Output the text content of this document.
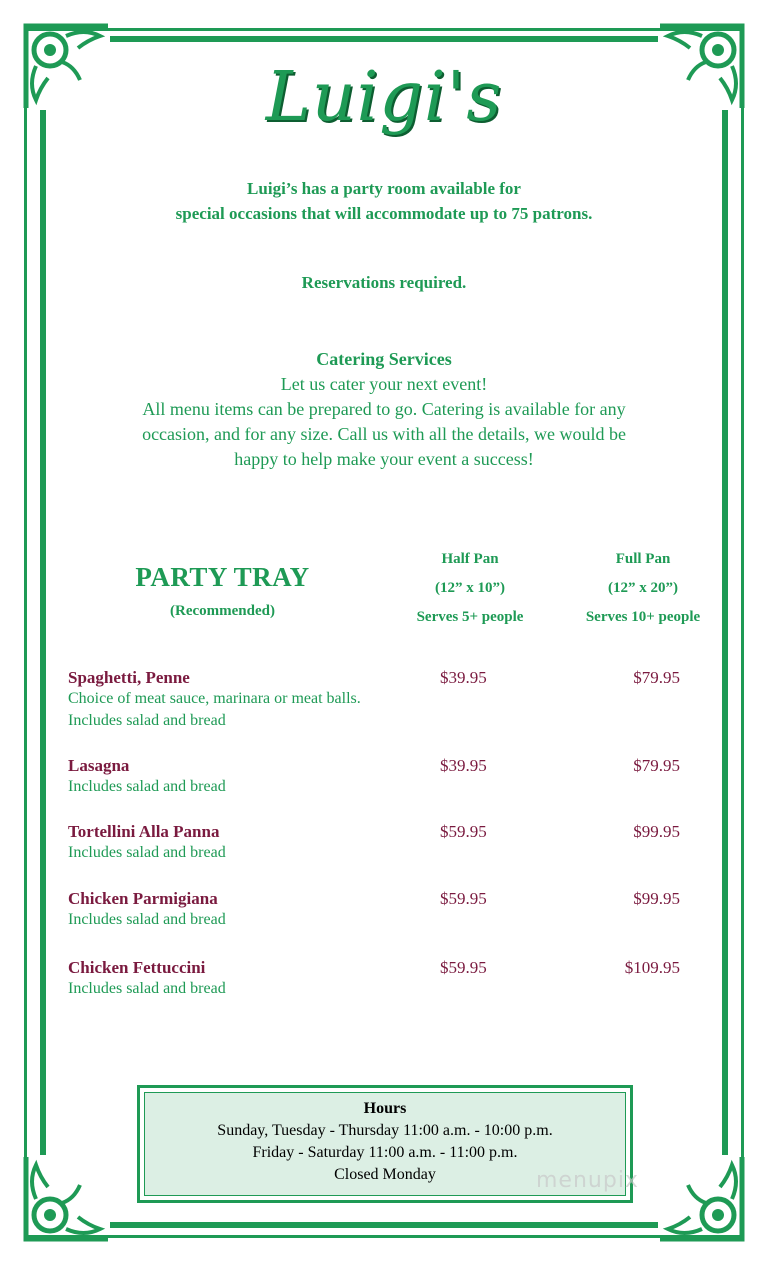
Luigi's
Luigi’s has a party room available for
special occasions that will accommodate up to 75 patrons.
Reservations required.
Catering Services
Let us cater your next event!
All menu items can be prepared to go. Catering is available for any
occasion, and for any size. Call us with all the details, we would be
happy to help make your event a success!
PARTY TRAY
(Recommended)
Half Pan
(12” x 10”)
Serves 5+ people
Full Pan
(12” x 20”)
Serves 10+ people
Spaghetti, Penne
Choice of meat sauce, marinara or meat balls.
Includes salad and bread
$39.95	$79.95
Lasagna
Includes salad and bread
$39.95	$79.95
Tortellini Alla Panna
Includes salad and bread
$59.95	$99.95
Chicken Parmigiana
Includes salad and bread
$59.95	$99.95
Chicken Fettuccini
Includes salad and bread
$59.95	$109.95
Hours
Sunday, Tuesday - Thursday 11:00 a.m. - 10:00 p.m.
Friday - Saturday 11:00 a.m. - 11:00 p.m.
Closed Monday	menupix
